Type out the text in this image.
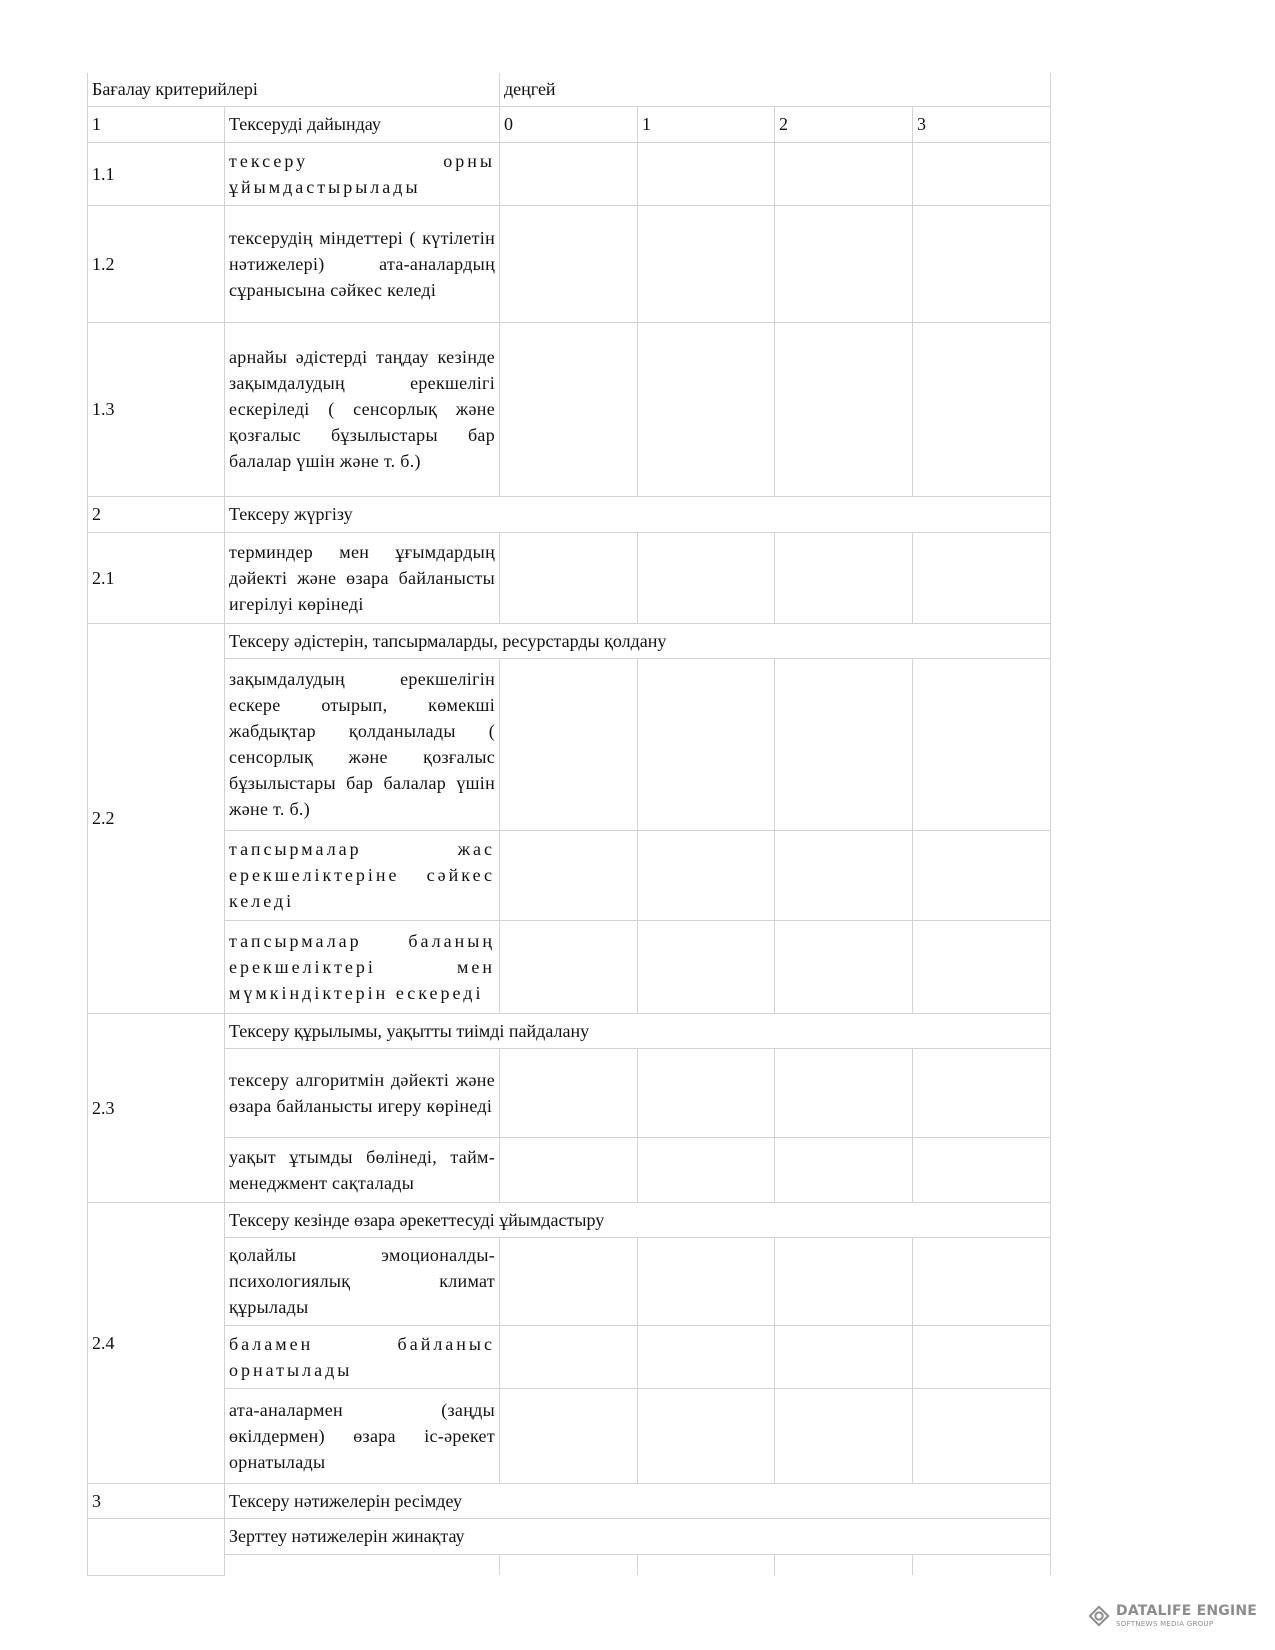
Бағалау критерийлері		деңгей			
1	Тексеруді дайындау	0	1	2	3
1.1	тексеру орны ұйымдастырылады				
1.2	тексерудің міндеттері ( күтілетін нәтижелері) ата-аналардың сұранысына сәйкес келеді				
1.3	арнайы әдістерді таңдау кезінде зақымдалудың ерекшелігі ескеріледі ( сенсорлық және қозғалыс бұзылыстары бар балалар үшін және т. б.)				
2	Тексеру жүргізу				
2.1	терминдер мен ұғымдардың дәйекті және өзара байланысты игерілуі көрінеді				
2.2	Тексеру әдістерін, тапсырмаларды, ресурстарды қолдану				
	зақымдалудың ерекшелігін ескере отырып, көмекші жабдықтар қолданылады ( сенсорлық және қозғалыс бұзылыстары бар балалар үшін және т. б.)				
	тапсырмалар жас ерекшеліктеріне сәйкес келеді				
	тапсырмалар баланың ерекшеліктері мен мүмкіндіктерін ескереді				
2.3	Тексеру құрылымы, уақытты тиімді пайдалану				
	тексеру алгоритмін дәйекті және өзара байланысты игеру көрінеді				
	уақыт ұтымды бөлінеді, тайм-менеджмент сақталады				
2.4	Тексеру кезінде өзара әрекеттесуді ұйымдастыру				
	қолайлы эмоционалды-психологиялық климат құрылады				
	баламен байланыс орнатылады				
	ата-аналармен (заңды өкілдермен) өзара іс-әрекет орнатылады				
3	Тексеру нәтижелерін ресімдеу				
	Зерттеу нәтижелерін жинақтау				

DATALIFE ENGINE
SOFTNEWS MEDIA GROUP
